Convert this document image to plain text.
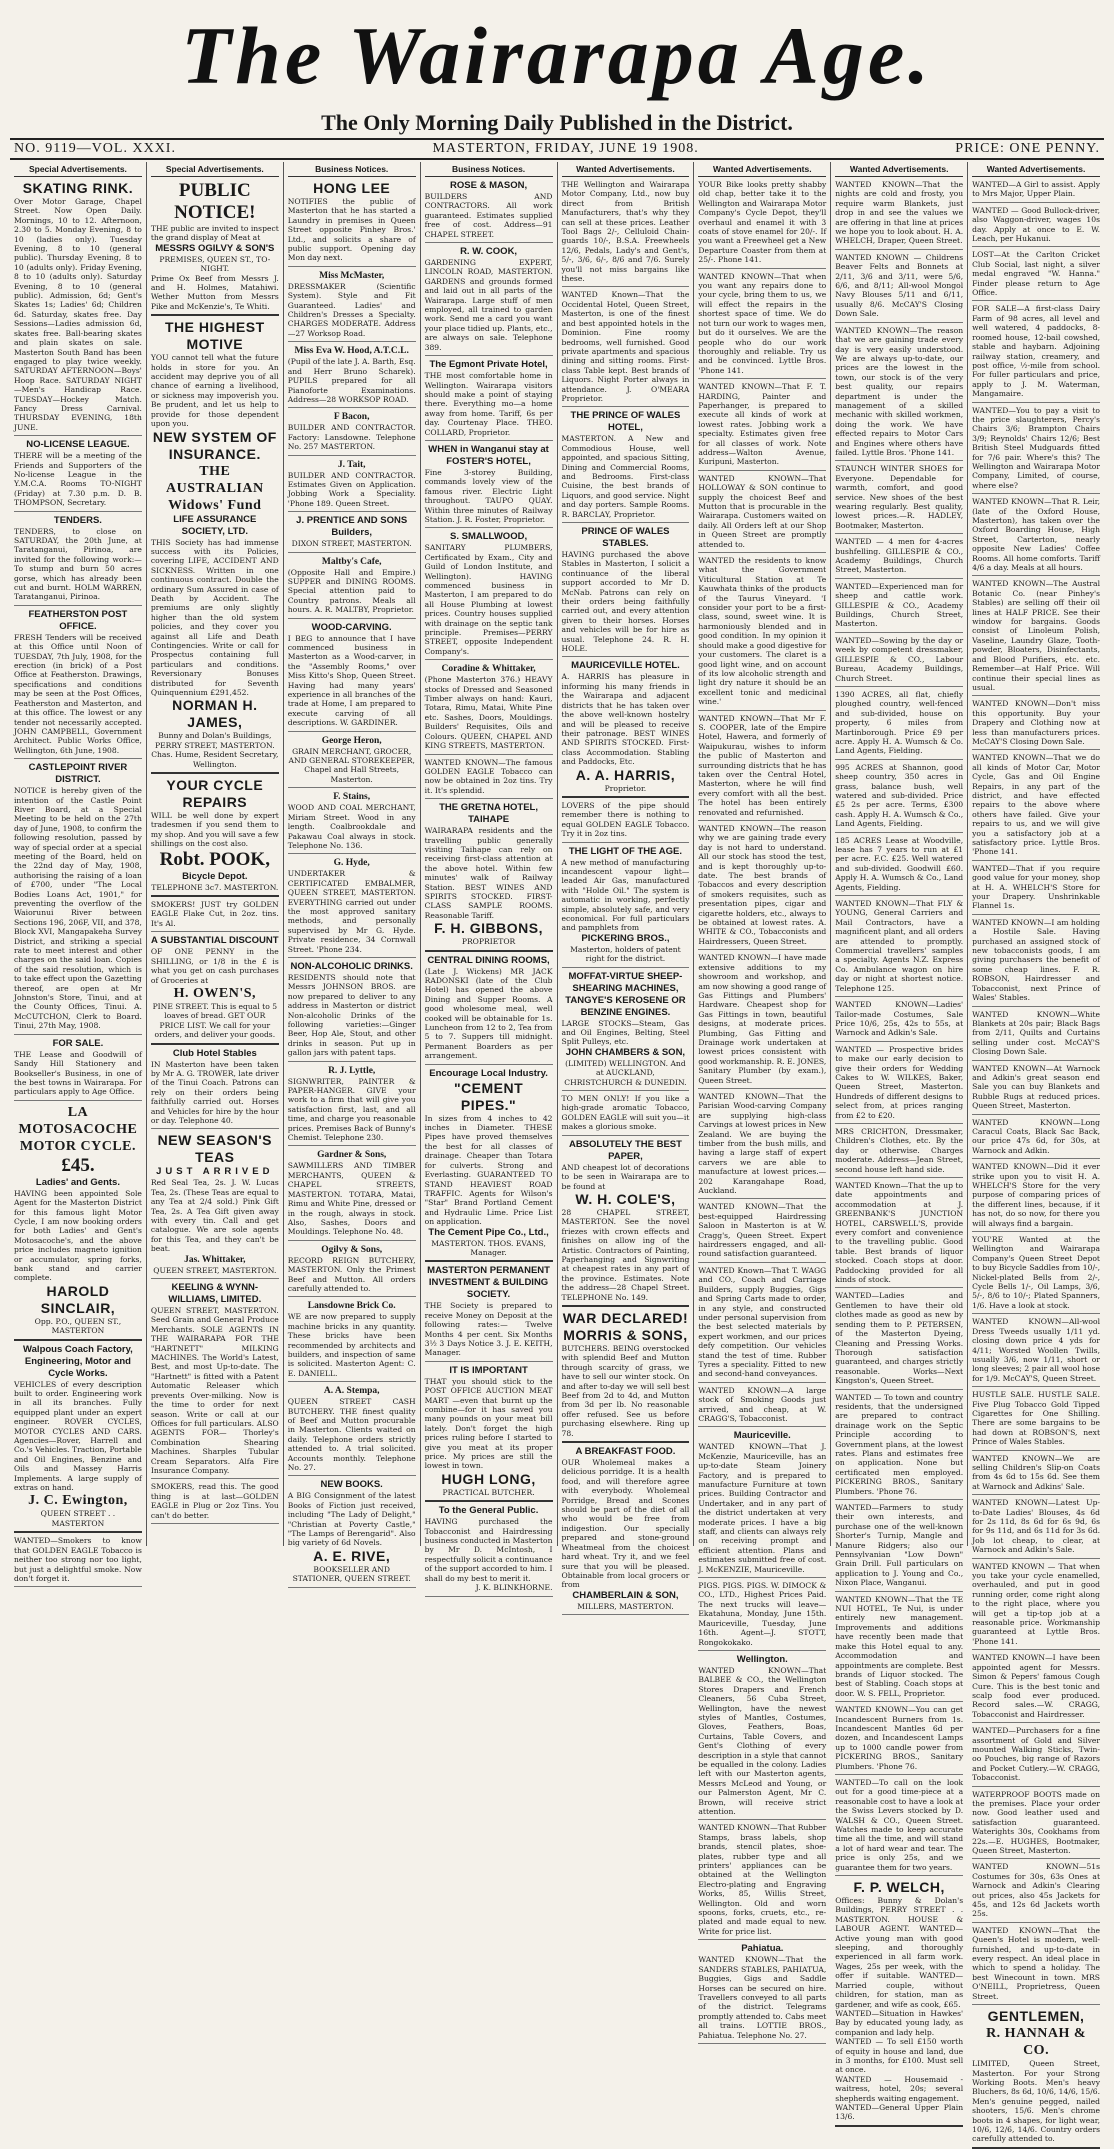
The Wairarapa Age.
The Only Morning Daily Published in the District.
NO. 9119—VOL. XXXI.	MASTERTON, FRIDAY, JUNE 19 1908.	PRICE: ONE PENNY.
Special Advertisements.
SKATING RINK.
Over Motor Garage, Chapel Street. Now Open Daily. Mornings, 10 to 12. Afternoon, 2.30 to 5. Monday Evening, 8 to 10 (ladies only). Tuesday Evening, 8 to 10 (general public). Thursday Evening, 8 to 10 (adults only). Friday Evening, 8 to 10 (adults only). Saturday Evening, 8 to 10 (general public). Admission, 6d; Gent's Skates 1s; Ladies' 6d; Children 6d. Saturday, skates free. Day Sessions—Ladies admission 6d, skates free. Ball-bearing skates and plain skates on sale. Masterton South Band has been engaged to play twice weekly. SATURDAY AFTERNOON—Boys' Hoop Race. SATURDAY NIGHT—Men's Handicap Race. TUESDAY—Hockey Match. Fancy Dress Carnival. THURSDAY EVENING, 18th JUNE.
NO-LICENSE LEAGUE.
THERE will be a meeting of the Friends and Supporters of the No-license League in the Y.M.C.A. Rooms TO-NIGHT (Friday) at 7.30 p.m. D. B. THOMPSON, Secretary.
TENDERS.
TENDERS, to close on SATURDAY, the 20th June, at Taratanganui, Pirinoa, are invited for the following work:—To stump and burn 50 acres gorse, which has already been cut and burnt. HOLM WARREN, Taratanganui, Pirinoa.
FEATHERSTON POST OFFICE.
FRESH Tenders will be received at this Office until Noon of TUESDAY, 7th July, 1908, for the erection (in brick) of a Post Office at Featherston. Drawings, specifications and conditions may be seen at the Post Offices, Featherston and Masterton, and at this office. The lowest or any tender not necessarily accepted. JOHN CAMPBELL, Government Architect. Public Works Office, Wellington, 6th June, 1908.
CASTLEPOINT RIVER DISTRICT.
NOTICE is hereby given of the intention of the Castle Point River Board, at a Special Meeting to be held on the 27th day of June, 1908, to confirm the following resolution, passed by way of special order at a special meeting of the Board, held on the 22nd day of May, 1908, authorising the raising of a loan of £700, under "The Local Bodies Loans Act, 1901," for preventing the overflow of the Waiorunui River between Sections 196, 206F, VII, and 378, Block XVI, Mangapakeha Survey District, and striking a special rate to meet interest and other charges on the said loan. Copies of the said resolution, which is to take effect upon the Gazetting thereof, are open at Mr Johnston's Store, Tinui, and at the County Offices, Tinui. A. McCUTCHON, Clerk to Board. Tinui, 27th May, 1908.
FOR SALE.
THE Lease and Goodwill of Sandy Hill Stationery and Bookseller's Business, in one of the best towns in Wairarapa. For particulars apply to Age Office.
LA MOTOSACOCHE MOTOR CYCLE.
£45.
Ladies' and Gents.
HAVING been appointed Sole Agent for the Masterton District for this famous light Motor Cycle, I am now booking orders for both Ladies' and Gent's Motosacoche's, and the above price includes magneto ignition or accumulator, spring forks, bank stand and carrier complete.
HAROLD SINCLAIR,
Opp. P.O., QUEEN ST., MASTERTON
Walpous Coach Factory, Engineering, Motor and Cycle Works.
VEHICLES of every description built to order. Engineering work in all its branches. Fully equipped plant under an expert engineer. ROVER CYCLES, MOTOR CYCLES AND CARS. Agencies—Rover, Harrell and Co.'s Vehicles. Traction, Portable and Oil Engines, Benzine and Oils and Massey Harris Implements. A large supply of extras on hand.
J. C. Ewington,
QUEEN STREET . . MASTERTON
WANTED—Smokers to know that GOLDEN EAGLE Tobacco is neither too strong nor too light, but just a delightful smoke. Now don't forget it.
Special Advertisements.
PUBLIC NOTICE!
THE public are invited to inspect the grand display of Meat at
MESSRS OGILVY & SON'S
PREMISES, QUEEN ST., TO-NIGHT.
Prime Ox Beef from Messrs J. and H. Holmes, Matahiwi. Wether Mutton from Messrs Pike and McKenzie's, Te Whiti.
THE HIGHEST MOTIVE
YOU cannot tell what the future holds in store for you. An accident may deprive you of all chance of earning a livelihood, or sickness may impoverish you. Be prudent, and let us help to provide for those dependent upon you.
NEW SYSTEM OF INSURANCE.
THE AUSTRALIAN Widows' Fund
LIFE ASSURANCE SOCIETY, LTD.
THIS Society has had immense success with its Policies, covering LIFE, ACCIDENT AND SICKNESS. Written in one continuous contract. Double the ordinary Sum Assured in case of Death by Accident. The premiums are only slightly higher than the old system policies, and they cover you against all Life and Death Contingencies. Write or call for Prospectus containing full particulars and conditions. Reversionary Bonuses distributed for Seventh Quinquennium £291,452.
NORMAN H. JAMES,
Bunny and Dolan's Buildings, PERRY STREET, MASTERTON. Chas. Hume, Resident Secretary, Wellington.
YOUR CYCLE REPAIRS
WILL be well done by expert tradesmen if you send them to my shop. And you will save a few shillings on the cost also.
Robt. POOK,
Bicycle Depot.
TELEPHONE 3c7. MASTERTON.
SMOKERS! JUST try GOLDEN EAGLE Flake Cut, in 2oz. tins. It's Al.
A SUBSTANTIAL DISCOUNT
OF ONE PENNY in the SHILLING, or 1/8 in the £ is what you get on cash purchases of Groceries at
H. OWEN'S,
PINE STREET. This is equal to 5 loaves of bread. GET OUR PRICE LIST. We call for your orders, and deliver your goods.
Club Hotel Stables
IN Masterton have been taken by Mr A. G. TROWER, late driver of the Tinui Coach. Patrons can rely on their orders being faithfully carried out. Horses and Vehicles for hire by the hour or day. Telephone 40.
NEW SEASON'S TEAS
JUST ARRIVED
Red Seal Tea, 2s. J. W. Lucas Tea, 2s. (These Teas are equal to any Tea at 2/4 sold.) Pink Gift Tea, 2s. A Tea Gift given away with every tin. Call and get catalogue. We are sole agents for this Tea, and they can't be beat.
Jas. Whittaker,
QUEEN STREET, MASTERTON.
KEELING & WYNN-WILLIAMS, LIMITED.
QUEEN STREET, MASTERTON. Seed Grain and General Produce Merchants. SOLE AGENTS IN THE WAIRARAPA FOR THE "HARTNETT" MILKING MACHINES. The World's Latest, Best, and most Up-to-date. The "Hartnett" is fitted with a Patent Automatic Releaser which prevents Over-milking. Now is the time to order for next season. Write or call at our Offices for full particulars. ALSO AGENTS FOR— Thorley's Combination Shearing Machines. Sharples Tubular Cream Separators. Alfa Fire Insurance Company.
SMOKERS, read this. The good thing is at last—GOLDEN EAGLE in Plug or 2oz Tins. You can't do better.
Business Notices.
HONG LEE
NOTIFIES the public of Masterton that he has started a Laundry in premises in Queen Street opposite Pinhey Bros.' Ltd., and solicits a share of public support. Opening day Mon day next.
Miss McMaster,
DRESSMAKER (Scientific System). Style and Fit Guaranteed. Ladies' and Children's Dresses a Specialty. CHARGES MODERATE. Address—27 Worksop Road.
Miss Eva W. Hood, A.T.C.L.
(Pupil of the late J. A. Barth, Esq. and Herr Bruno Scharek). PUPILS prepared for all Pianoforte Examinations. Address—28 WORKSOP ROAD.
F Bacon,
BUILDER AND CONTRACTOR. Factory: Lansdowne. Telephone No. 257 MASTERTON.
J. Tait,
BUILDER AND CONTRACTOR. Estimates Given on Application. Jobbing Work a Speciality. 'Phone 189. Queen Street.
J. PRENTICE AND SONS Builders,
DIXON STREET, MASTERTON.
Maltby's Cafe,
(Opposite Hall and Empire.) SUPPER and DINING ROOMS. Special attention paid to Country patrons. Meals all hours. A. R. MALTBY, Proprietor.
WOOD-CARVING.
I BEG to announce that I have commenced business in Masterton as a Wood-carver, in the "Assembly Rooms," over Miss Kitto's Shop, Queen Street. Having had many years' experience in all branches of the trade at Home, I am prepared to execute carving of all descriptions. W. GARDINER.
George Heron,
GRAIN MERCHANT, GROCER, AND GENERAL STOREKEEPER, Chapel and Hall Streets, Masterton.
F. Stains,
WOOD AND COAL MERCHANT, Miriam Street. Wood in any length. Coalbrookdale and Pakawau Coal always in stock. Telephone No. 136.
G. Hyde,
UNDERTAKER & CERTIFICATED EMBALMER, QUEEN STREET, MASTERTON. EVERYTHING carried out under the most approved sanitary methods, and personally supervised by Mr G. Hyde. Private residence, 34 Cornwall Street. 'Phone 234.
NON-ALCOHOLIC DRINKS.
RESIDENTS should note that Messrs JOHNSON BROS. are now prepared to deliver to any address in Masterton or district Non-alcoholic Drinks of the following varieties:—Ginger Beer, Hop Ale, Stout, and other drinks in season. Put up in gallon jars with patent taps.
R. J. Lyttle,
SIGNWRITER, PAINTER & PAPER-HANGER. GIVE your work to a firm that will give you satisfaction first, last, and all time, and charge you reasonable prices. Premises Back of Bunny's Chemist. Telephone 230.
Gardner & Sons,
SAWMILLERS AND TIMBER MERCHANTS, QUEEN & CHAPEL STREETS, MASTERTON. TOTARA, Matai, Rimu and White Pine, dressed or in the rough, always in stock. Also, Sashes, Doors and Mouldings. Telephone No. 48.
Ogilvy & Sons,
RECORD REIGN BUTCHERY, MASTERTON. Only the Primest Beef and Mutton. All orders carefully attended to.
Lansdowne Brick Co.
WE are now prepared to supply machine bricks in any quantity. These bricks have been recommended by architects and builders, and inspection of same is solicited. Masterton Agent: C. E. DANIELL.
A. A. Stempa,
QUEEN STREET CASH BUTCHERY. THE finest quality of Beef and Mutton procurable in Masterton. Clients waited on daily. Telephone orders strictly attended to. A trial solicited. Accounts monthly. Telephone No. 27.
NEW BOOKS.
A BIG Consignment of the latest Books of Fiction just received, including "The Lady of Delight," "Christian at Poverty Castle," "The Lamps of Berengarid". Also big variety of 6d Novels.
A. E. RIVE,
BOOKSELLER AND STATIONER, QUEEN STREET.
Business Notices.
ROSE & MASON,
BUILDERS AND CONTRACTORS. All work guaranteed. Estimates supplied free of cost. Address—91 CHAPEL STREET.
R. W. COOK,
GARDENING EXPERT, LINCOLN ROAD, MASTERTON. GARDENS and grounds formed and laid out in all parts of the Wairarapa. Large stuff of men employed, all trained to garden work. Send me a card you want your place tidied up. Plants, etc., are always on sale. Telephone 389.
The Egmont Private Hotel,
THE most comfortable home in Wellington. Wairarapa visitors should make a point of staying there. Everything mo—a home away from home. Tariff, 6s per day. Courtenay Place. THEO. COLLARD, Proprietor.
WHEN in Wanganui stay at FOSTER'S HOTEL,
Fine 3-storey Building, commands lovely view of the famous river. Electric Light throughout. TAUPO QUAY. Within three minutes of Railway Station. J. R. Foster, Proprietor.
S. SMALLWOOD,
SANITARY PLUMBERS, Certificated by Exam., City and Guild of London Institute, and Wellington). HAVING commenced business in Masterton, I am prepared to do all House Plumbing at lowest prices. Country houses supplied with drainage on the septic tank principle. Premises—PERRY STREET, opposite Independent Company's.
Coradine & Whittaker,
(Phone Masterton 376.) HEAVY stocks of Dressed and Seasoned Timber always on hand: Kauri, Totara, Rimu, Matai, White Pine etc. Sashes, Doors, Mouldings. Builders' Requisites, Oils and Colours. QUEEN, CHAPEL AND KING STREETS, MASTERTON.
WANTED KNOWN—The famous GOLDEN EAGLE Tobacco can now be obtained in 2oz tins. Try it. It's splendid.
THE GRETNA HOTEL, TAIHAPE
WAIRARAPA residents and the travelling public generally visiting Taihape can rely on receiving first-class attention at the above hotel. Within few minutes' walk of Railway Station. BEST WINES AND SPIRITS STOCKED. FIRST-CLASS SAMPLE ROOMS. Reasonable Tariff.
F. H. GIBBONS,
PROPRIETOR
CENTRAL DINING ROOMS,
(Late J. Wickens) MR JACK RADONSKI (late of the Club Hotel) has opened the above Dining and Supper Rooms. A good wholesome meal, well cooked will be obtainable for 1s. Luncheon from 12 to 2, Tea from 5 to 7. Suppers till midnight. Permanent Boarders as per arrangement.
Encourage Local Industry.
"CEMENT PIPES."
In sizes from 4 inches to 42 inches in Diameter. THESE Pipes have proved themselves the best for all classes of drainage. Cheaper than Totara for culverts. Strong and Everlasting. GUARANTEED TO STAND HEAVIEST ROAD TRAFFIC. Agents for Wilson's "Star" Brand Portland Cement and Hydraulic Lime. Price List on application.
The Cement Pipe Co., Ltd.,
MASTERTON. THOS. EVANS, Manager.
MASTERTON PERMANENT INVESTMENT & BUILDING SOCIETY.
THE Society is prepared to receive Money on Deposit at the following rates:— Twelve Months 4 per cent. Six Months 3½ 3 Days Notice 3. J. E. KEITH, Manager.
IT IS IMPORTANT
THAT you should stick to the POST OFFICE AUCTION MEAT MART —even that burnt up the combine—for it has saved you many pounds on your meat bill lately. Don't forget the high prices ruling before I started to give you meat at its proper price. My prices are still the lowest in town.
HUGH LONG,
PRACTICAL BUTCHER.
To the General Public.
HAVING purchased the Tobacconist and Hairdressing business conducted in Masterton by Mr D. McIntosh, I respectfully solicit a continuance of the support accorded to him. I shall do my best to merit it.
J. K. BLINKHORNE.
Wanted Advertisements.
THE Wellington and Wairarapa Motor Company, Ltd., now buy direct from British Manufacturers, that's why they can sell at these prices. Leather Tool Bags 2/-, Celluloid Chain-guards 10/-, B.S.A. Freewheels 12/6, Pedals, Lady's and Gent's, 5/-, 3/6, 6/-, 8/6 and 7/6. Surely you'll not miss bargains like these.
WANTED Known—That the Occidental Hotel, Queen Street, Masterton, is one of the finest and best appointed hotels in the Dominion. Fine roomy bedrooms, well furnished. Good private apartments and spacious dining and sitting rooms. First-class Table kept. Best brands of Liquors. Night Porter always in attendance. J. O'MEARA Proprietor.
THE PRINCE OF WALES HOTEL,
MASTERTON. A New and Commodious House, well appointed, and spacious Sitting, Dining and Commercial Rooms, and Bedrooms. First-class Cuisine, the best brands of Liquors, and good service. Night and day porters. Sample Rooms. R. BARCLAY, Proprietor.
PRINCE OF WALES STABLES.
HAVING purchased the above Stables in Masterton, I solicit a continuance of the liberal support accorded to Mr D. McNab. Patrons can rely on their orders being faithfully carried out, and every attention given to their horses. Horses and vehicles will be for hire as usual. Telephone 24. R. H. HOLE.
MAURICEVILLE HOTEL.
A. HARRIS has pleasure in informing his many friends in the Wairarapa and adjacent districts that he has taken over the above well-known hostelry and will be pleased to receive their patronage. BEST WINES AND SPIRITS STOCKED. First-class Accommodation. Stabling and Paddocks, Etc.
A. A. HARRIS,
Proprietor.
LOVERS of the pipe should remember there is nothing to equal GOLDEN EAGLE Tobacco. Try it in 2oz tins.
THE LIGHT OF THE AGE.
A new method of manufacturing incandescent vapour light—leaded Air Gas, manufactured with "Holde Oil." The system is automatic in working, perfectly simple, absolutely safe, and very economical. For full particulars and pamphlets from
PICKERING BROS.,
Masterton, holders of patent right for the district.
MOFFAT-VIRTUE SHEEP-SHEARING MACHINES,
TANGYE'S KEROSENE OR BENZINE ENGINES.
LARGE STOCKS—Steam, Gas and Oil Engines, Belting, Steel Split Pulleys, etc.
JOHN CHAMBERS & SON,
(LIMITED) WELLINGTON. And at AUCKLAND, CHRISTCHURCH & DUNEDIN.
TO MEN ONLY! If you like a high-grade aromatic Tobacco, GOLDEN EAGLE will suit you—it makes a glorious smoke.
ABSOLUTELY THE BEST PAPER,
AND cheapest lot of decorations to be seen in Wairarapa are to be found at
W. H. COLE'S,
28 CHAPEL STREET, MASTERTON. See the novel friezes with crown effects and finishes on allow ing of the Artistic. Contractors of Painting, Paperhanging and Signwriting at cheapest rates in any part of the province. Estimates. Note the address—28 Chapel Street. TELEPHONE No. 149.
WAR DECLARED!
MORRIS & SONS,
BUTCHERS. BEING overstocked with splendid Beef and Mutton through scarcity of grass, we have to sell our winter stock. On and after to-day we will sell best Beef from 2d to 4d, and Mutton from 3d per lb. No reasonable offer refused. See us before purchasing elsewhere. Ring up 78.
A BREAKFAST FOOD.
OUR Wholemeal makes a delicious porridge. It is a health food, and will therefore agree with everybody. Wholemeal Porridge, Bread and Scones should be part of the diet of all who would be free from indigestion. Our specially prepared and stone-ground Wheatmeal from the choicest hard wheat. Try it, and we feel sure that you will be pleased. Obtainable from local grocers or from
CHAMBERLAIN & SON,
MILLERS, MASTERTON.
Wanted Advertisements.
YOUR Bike looks pretty shabby old chap, better take it to the Wellington and Wairarapa Motor Company's Cycle Depot, they'll overhaul and enamel it with 3 coats of stove enamel for 20/-. If you want a Freewheel get a New Departure Coaster from them at 25/-. Phone 141.
WANTED KNOWN—That when you want any repairs done to your cycle, bring them to us, we will effect the repairs in the shortest space of time. We do not turn our work to wages men, but do it ourselves. We are the people who do our work thoroughly and reliable. Try us and be convinced. Lyttle Bros. 'Phone 141.
WANTED KNOWN—That F. T. HARDING, Painter and Paperhanger, is prepared to execute all kinds of work at lowest rates. Jobbing work a specialty. Estimates given free for all classes of work. Note address—Walton Avenue, Kuripuni, Masterton.
WANTED KNOWN—That HOLLOWAY & SON continue to supply the choicest Beef and Mutton that is procurable in the Wairarapa. Customers waited on daily. All Orders left at our Shop in Queen Street are promptly attended to.
WANTED the residents to know what the Government Viticultural Station at Te Kauwhata thinks of the products of the Taurus Vineyard. 'I consider your port to be a first-class, sound, sweet wine. It is harmoniously blended and in good condition. In my opinion it should make a good digestive for your customers. The claret is a good light wine, and on account of its low alcoholic strength and light dry nature it should be an excellent tonic and medicinal wine.'
WANTED KNOWN—That Mr F. S. COOPER, late of the Empire Hotel, Hawera, and formerly of Waipukurau, wishes to inform the public of Masterton and surrounding districts that he has taken over the Central Hotel, Masterton, where he will find every comfort with all the best. The hotel has been entirely renovated and refurnished.
WANTED KNOWN—The reason why we are gaining trade every day is not hard to understand. All our stock has stood the test, and is kept thoroughly up-to-date. The best brands of Tobaccos and every description of smokers requisites, such as presentation pipes, cigar and cigarette holders, etc., always to be obtained at lowest rates. A. WHITE & CO., Tobacconists and Hairdressers, Queen Street.
WANTED KNOWN—I have made extensive additions to my showroom and workshop, and am now showing a good range of Gas Fittings and Plumbers' Hardware. Cheapest shop for Gas Fittings in town, beautiful designs, at moderate prices. Plumbing, Gas Fitting and Drainage work undertaken at lowest prices consistent with good workmanship. R. E. JONES, Sanitary Plumber (by exam.), Queen Street.
WANTED KNOWN—That the Parisian Wood-carving Company are supplying high-class Carvings at lowest prices in New Zealand. We are buying the timber from the bush mills, and having a large staff of expert carvers we are able to manufacture at lowest prices.—202 Karangahape Road, Auckland.
WANTED KNOWN—That the best-equipped Hairdressing Saloon in Masterton is at W. Cragg's, Queen Street. Expert hairdressers engaged, and all-round satisfaction guaranteed.
WANTED Known—That T. WAGG and CO., Coach and Carriage Builders, supply Buggies, Gigs and Spring Carts made to order, in any style, and constructed under personal supervision from the best selected materials by expert workmen, and our prices defy competition. Our vehicles stand the test of time. Rubber Tyres a speciality. Fitted to new and second-hand conveyances.
WANTED KNOWN—A large stock of Smoking Goods just arrived, and cheap, at W. CRAGG'S, Tobacconist.
Mauriceville.
WANTED KNOWN—That J. McKenzie, Mauriceville, has an up-to-date Steam Joinery Factory, and is prepared to manufacture Furniture at town prices. Building Contractor and Undertaker, and in any part of the district undertaken at very moderate prices. I have a big staff, and clients can always rely on receiving prompt and efficient attention. Plans and estimates submitted free of cost. J. McKENZIE, Mauriceville.
PIGS. PIGS. PIGS. W. DIMOCK & CO., LTD., Highest Prices Paid. The next trucks will leave— Ekatahuna, Monday, June 15th. Mauriceville, Tuesday, June 16th. Agent—J. STOTT, Rongokokako.
Wellington.
WANTED KNOWN—That BALBEE & CO., the Wellington Stores Drapers and French Cleaners, 56 Cuba Street, Wellington, have the newest styles of Mantles, Costumes, Gloves, Feathers, Boas, Curtains, Table Covers, and Gent's Clothing of every description in a style that cannot be equalled in the colony. Ladies left with our Masterton agents, Messrs McLeod and Young, or our Palmerston Agent, Mr C. Brown, will receive strict attention.
WANTED KNOWN—That Rubber Stamps, brass labels, shop brands, stencil plates, shoe-plates, rubber type and all printers' appliances can be obtained at the Wellington Electro-plating and Engraving Works, 85, Willis Street, Wellington. Old and worn spoons, forks, cruets, etc., re-plated and made equal to new. Write for price list.
Pahiatua.
WANTED KNOWN—That the SANDERS STABLES, PAHIATUA, Buggies, Gigs and Saddle Horses can be secured on hire. Travellers conveyed to all parts of the district. Telegrams promptly attended to. Cabs meet all trains. LOTTIE BROS., Pahiatua. Telephone No. 27.
Wanted Advertisements.
WANTED KNOWN—That the nights are cold and frosty, you require warm Blankets, just drop in and see the values we are offering in that line at prices we hope you to look about. H. A. WHELCH, Draper, Queen Street.
WANTED KNOWN — Childrens Beaver Felts and Bonnets at 2/11, 3/6 and 3/11, were 5/6, 6/6, and 8/11; All-wool Mongol Navy Blouses 5/11 and 6/11, usually 8/6. McCAY'S Closing Down Sale.
WANTED KNOWN—The reason that we are gaining trade every day is very easily understood. We are always up-to-date, our prices are the lowest in the town, our stock is of the very best quality, our repairs department is under the management of a skilled mechanic with skilled workmen, doing the work. We have effected repairs to Motor Cars and Engines where others have failed. Lyttle Bros. 'Phone 141.
STAUNCH WINTER SHOES for Everyone. Dependable for warmth, comfort, and good service. New shoes of the best wearing regularly. Best quality, lowest prices.—R. HADLEY, Bootmaker, Masterton.
WANTED — 4 men for 4-acres bushfelling. GILLESPIE & CO., Academy Buildings, Church Street, Masterton.
WANTED—Experienced man for sheep and cattle work. GILLESPIE & CO., Academy Buildings, Church Street, Masterton.
WANTED—Sowing by the day or week by competent dressmaker, GILLESPIE & CO., Labour Bureau, Academy Buildings, Church Street.
1390 ACRES, all flat, chiefly ploughed country, well-fenced and sub-divided, house on property, 6 miles from Martinborough. Price £9 per acre. Apply H. A. Wumsch & Co. Land Agents, Fielding.
995 ACRES at Shannon, good sheep country, 350 acres in grass, balance bush, well watered and sub-divided. Price £5 2s per acre. Terms, £300 cash. Apply H. A. Wumsch & Co., Land Agents, Fielding.
185 ACRES Lease at Woodville, lease has 7 years to run at £1 per acre. F.C. £25. Well watered and sub-divided. Goodwill £60. Apply H. A. Wumsch & Co., Land Agents, Fielding.
WANTED KNOWN—That FLY & YOUNG, General Carriers and Mail Contractors, have a magnificent plant, and all orders are attended to promptly. Commercial travellers' samples a specialty. Agents N.Z. Express Co. Ambulance wagon on hire day or night at shortest notice. Telephone 125.
WANTED KNOWN—Ladies' Tailor-made Costumes, Sale Price 10/6, 25s, 42s to 55s, at Warnock and Adkin's Sale.
WANTED — Prospective brides to make our early decision to give their orders for Wedding Cakes to W. WILKES, Baker, Queen Street, Masterton. Hundreds of different designs to select from, at prices ranging from £2 to £20.
MRS CRICHTON, Dressmaker, Children's Clothes, etc. By the day or otherwise. Charges moderate. Address—Jean Street, second house left hand side.
WANTED Known—That the up to date appointments and accommodation at J. GREENBANK'S JUNCTION HOTEL, CARSWELL'S, provide every comfort and convenience to the travelling public. Good table. Best brands of liquor stocked. Coach stops at door. Paddocking provided for all kinds of stock.
WANTED—Ladies and Gentlemen to have their old clothes made as good as new by sending them to P. PETERSEN, of the Masterton Dyeing, Cleaning and Pressing Works. Thorough satisfaction guaranteed, and charges strictly reasonable. Works—Next Kingston's, Queen Street.
WANTED — To town and country residents, that the undersigned are prepared to contract drainage work on the Septic Principle according to Government plans, at the lowest rates. Plans and estimates free on application. None but certificated men employed. PICKERING BROS., Sanitary Plumbers. 'Phone 76.
WANTED—Farmers to study their own interests, and purchase one of the well-known Shorter's Turnip, Mangle and Manure Ridgers; also our Pennsylvanian "Low Down" Grain Drill. Full particulars on application to J. Young and Co., Nixon Place, Wanganui.
WANTED KNOWN—That the TE NUI HOTEL, Te Nui, is under entirely new management. Improvements and additions have recently been made that make this Hotel equal to any. Accommodation and appointments are complete. Best brands of Liquor stocked. The best of Stabling. Coach stops at door. W. S. FELL, Proprietor.
WANTED KNOWN—You can get Incandescent Burners from 1s. Incandescent Mantles 6d per dozen, and Incandescent Lamps up to 1000 candle power from PICKERING BROS., Sanitary Plumbers. 'Phone 76.
WANTED—To call on the look out for a good time-piece at a reasonable cost to have a look at the Swiss Levers stocked by D. WALSH & CO., Queen Street. Watches made to keep accurate time all the time, and will stand a lot of hard wear and tear. The price is only 25s, and we guarantee them for two years.
F. P. WELCH,
Offices: Bunny & Dolan's Buildings, PERRY STREET . . MASTERTON. HOUSE & LABOUR AGENT. WANTED—Active young man with good sleeping, and thoroughly experienced in all farm work. Wages, 25s per week, with the offer if suitable. WANTED—Married couple, without children, for station, man as gardener, and wife as cook, £65.
WANTED—Situation in Hawkes' Bay by educated young lady, as companion and lady help.
WANTED — To sell £150 worth of equity in house and land, due in 3 months, for £100. Must sell at once.
WANTED — Housemaid - waitress, hotel, 20s; several shepherds waiting engagement.
WANTED—General Upper Plain 13/6.
Wanted Advertisements.
WANTED—A Girl to assist. Apply to Mrs Major, Upper Plain.
WANTED — Good Bullock-driver, also Waggon-driver, wages 10s day. Apply at once to E. W. Leach, per Hukanui.
LOST—At the Carlton Cricket Club Social, last night, a silver medal engraved "W. Hanna." Finder please return to Age Office.
FOR SALE—A first-class Dairy Farm of 98 acres, all level and well watered, 4 paddocks, 8-roomed house, 12-bail cowshed, stable and haybarn. Adjoining railway station, creamery, and post office, ½-mile from school. For fuller particulars and price, apply to J. M. Waterman, Mangamaire.
WANTED—You to pay a visit to the price slaughterers, Percy's Chairs 3/6; Brampton Chairs 3/9; Reynolds' Chairs 12/6; Best British Steel Mudguards fitted for 7/6 pair. Where's this? The Wellington and Wairarapa Motor Company, Limited, of course, where else?
WANTED KNOWN—That R. Leir, (late of the Oxford House, Masterton), has taken over the Oxford Boarding House, High Street, Carterton, nearly opposite New Ladies' Coffee Rooms. All home comforts. Tariff 4/6 a day. Meals at all hours.
WANTED KNOWN—The Austral Botanic Co. (near Pinhey's Stables) are selling off their oil lines at HALF PRICE. See their window for bargains. Goods consist of Linoleum Polish, Vaseline, Laundry Glaze, Tooth-powder, Bloaters, Disinfectants, and Blood Purifiers, etc. etc. Remember—at Half Price. Will continue their special lines as usual.
WANTED KNOWN—Don't miss this opportunity. Buy your Drapery and Clothing now at less than manufacturers prices. McCAY'S Closing Down Sale.
WANTED KNOWN—That we do all kinds of Motor Car, Motor Cycle, Gas and Oil Engine Repairs, in any part of the district, and have effected repairs to the above where others have failed. Give your repairs to us, and we will give you a satisfactory job at a satisfactory price. Lyttle Bros. 'Phone 141.
WANTED—That if you require good value for your money, shop at H. A. WHELCH'S Store for your Drapery. Unshrinkable Flannel 1s.
WANTED KNOWN—I am holding a Hostile Sale. Having purchased an assigned stock of new tobacconists goods, I am giving purchasers the benefit of some cheap lines. F. R. ROBSON, Hairdresser and Tobacconist, next Prince of Wales' Stables.
WANTED KNOWN—White Blankets at 20s pair; Black Bags from 2/11, Quilts and Curtains selling under cost. McCAY'S Closing Down Sale.
WANTED KNOWN—At Warnock and Adkin's great season end Sale you can buy Blankets and Rubble Rugs at reduced prices. Queen Street, Masterton.
WANTED KNOWN—Long Caracul Coats, Black Sac Back, our price 47s 6d, for 30s, at Warnock and Adkin.
WANTED KNOWN—Did it ever strike upon you to visit H. A. WHELCH'S Store for the very purpose of comparing prices of the different lines, because, if it has not, do so now, for there you will always find a bargain.
YOU'RE Wanted at the Wellington and Wairarapa Company's Queen Street Depot to buy Bicycle Saddles from 10/-, Nickel-plated Bells from 2/-, Cycle Bells 1/-, Oil Lamps, 3/6, 5/-, 8/6 to 10/-; Plated Spanners, 1/6. Have a look at stock.
WANTED KNOWN—All-wool Dress Tweeds usually 1/11 yd. closing down price 4 yds for 4/11; Worsted Woollen Twills, usually 3/6, now 1/11, short or long sleeves; 2 pair all wool hose for 1/9. McCAY'S, Queen Street.
HUSTLE SALE. HUSTLE SALE. Five Plug Tobacco Gold Tipped Cigarettes for One Shilling. There are some bargains to be had down at ROBSON'S, next Prince of Wales Stables.
WANTED KNOWN—We are selling Children's Slip-on Coats from 4s 6d to 15s 6d. See them at Warnock and Adkins' Sale.
WANTED KNOWN—Latest Up-to-Date Ladies' Blouses, 4s 6d for 2s 11d, 8s 6d for 6s 9d, 6s for 9s 11d, and 6s 11d for 3s 6d. Job lot cheap, to clear, at Warnock and Adkin's Sale.
WANTED KNOWN — That when you take your cycle enamelled, overhauled, and put in good running order, come right along to the right place, where you will get a tip-top job at a reasonable price. Workmanship guaranteed at Lyttle Bros. 'Phone 141.
WANTED KNOWN—I have been appointed agent for Messrs. Simon & Pepers' famous Cough Cure. This is the best tonic and scalp food ever produced. Record sales.—W. CRAGG, Tobacconist and Hairdresser.
WANTED—Purchasers for a fine assortment of Gold and Silver mounted Walking Sticks, Twin-oo Pouches, big range of Razors and Pocket Cutlery.—W. CRAGG, Tobacconist.
WATERPROOF BOOTS made on the premises. Place your order now. Good leather used and satisfaction guaranteed. Waterights 30s, Cookhams from 22s.—E. HUGHES, Bootmaker, Queen Street, Masterton.
WANTED KNOWN—51s Costumes for 30s, 63s Ones at Warnock and Adkin's Clearing out prices, also 45s Jackets for 45s, and 12s 6d Jackets worth 25s.
WANTED KNOWN—That the Queen's Hotel is modern, well-furnished, and up-to-date in every respect. An ideal place in which to spend a holiday. The best Winecount in town. MRS O'NEILL, Proprietress, Queen Street.
GENTLEMEN,
R. HANNAH & CO.
LIMITED, Queen Street, Masterton. For your Strong Working Boots. Men's heavy Bluchers, 8s 6d, 10/6, 14/6, 15/6. Men's genuine pegged, nailed shooters, 15/6. Men's chrome boots in 4 shapes, for light wear, 10/6, 12/6, 14/6. Country orders carefully attended to.
